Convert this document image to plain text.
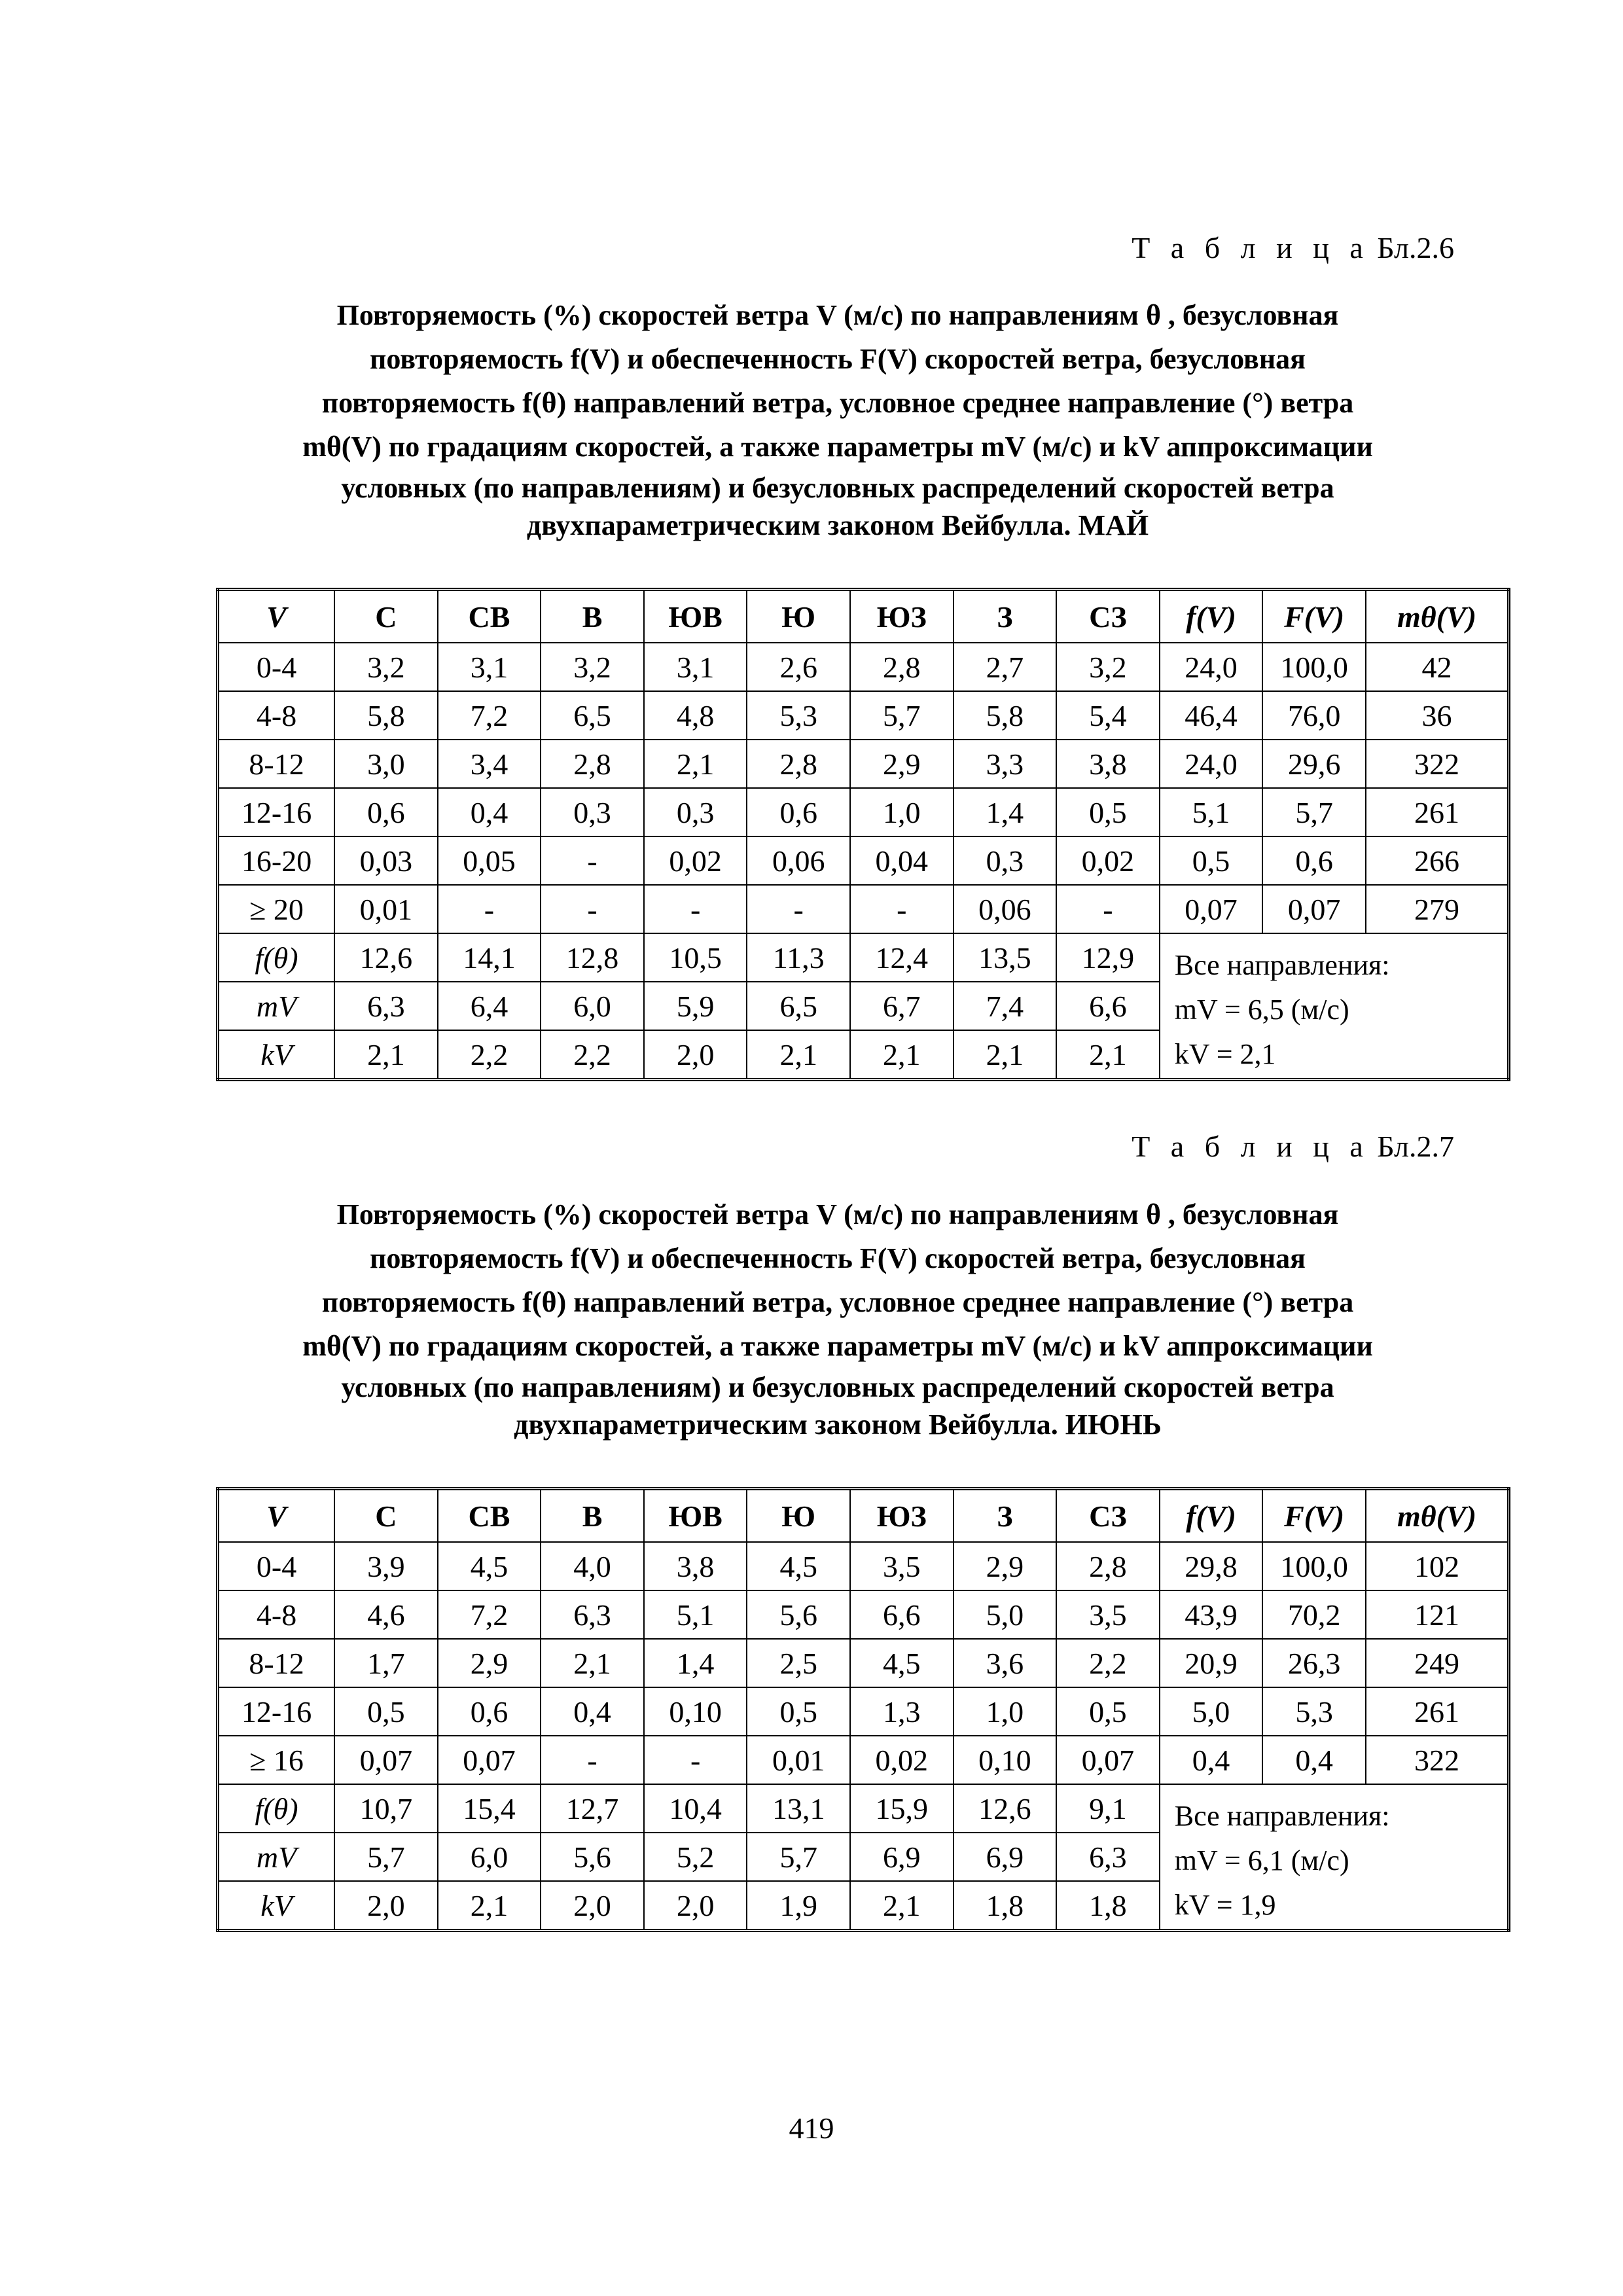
Т а б л и ц а Бл.2.6
Повторяемость (%) скоростей ветра V (м/с) по направлениям θ , безусловная
повторяемость f(V) и обеспеченность F(V) скоростей ветра, безусловная
повторяемость f(θ) направлений ветра, условное среднее направление (°) ветра
mθ(V) по градациям скоростей, а также параметры mV (м/с) и kV аппроксимации
условных (по направлениям) и безусловных распределений скоростей ветра
двухпараметрическим законом Вейбулла. МАЙ
V	С	СВ	В	ЮВ	Ю	ЮЗ	З	СЗ	f(V)	F(V)	mθ(V)
0-4	3,2	3,1	3,2	3,1	2,6	2,8	2,7	3,2	24,0	100,0	42
4-8	5,8	7,2	6,5	4,8	5,3	5,7	5,8	5,4	46,4	76,0	36
8-12	3,0	3,4	2,8	2,1	2,8	2,9	3,3	3,8	24,0	29,6	322
12-16	0,6	0,4	0,3	0,3	0,6	1,0	1,4	0,5	5,1	5,7	261
16-20	0,03	0,05	-	0,02	0,06	0,04	0,3	0,02	0,5	0,6	266
≥ 20	0,01	-	-	-	-	-	0,06	-	0,07	0,07	279
f(θ)	12,6	14,1	12,8	10,5	11,3	12,4	13,5	12,9	Все направления:
mV = 6,5 (м/с)
kV = 2,1		

mV	6,3	6,4	6,0	5,9	6,5	6,7	7,4	6,6			
kV	2,1	2,2	2,2	2,0	2,1	2,1	2,1	2,1			
Т а б л и ц а Бл.2.7
Повторяемость (%) скоростей ветра V (м/с) по направлениям θ , безусловная
повторяемость f(V) и обеспеченность F(V) скоростей ветра, безусловная
повторяемость f(θ) направлений ветра, условное среднее направление (°) ветра
mθ(V) по градациям скоростей, а также параметры mV (м/с) и kV аппроксимации
условных (по направлениям) и безусловных распределений скоростей ветра
двухпараметрическим законом Вейбулла. ИЮНЬ
V	С	СВ	В	ЮВ	Ю	ЮЗ	З	СЗ	f(V)	F(V)	mθ(V)
0-4	3,9	4,5	4,0	3,8	4,5	3,5	2,9	2,8	29,8	100,0	102
4-8	4,6	7,2	6,3	5,1	5,6	6,6	5,0	3,5	43,9	70,2	121
8-12	1,7	2,9	2,1	1,4	2,5	4,5	3,6	2,2	20,9	26,3	249
12-16	0,5	0,6	0,4	0,10	0,5	1,3	1,0	0,5	5,0	5,3	261
≥ 16	0,07	0,07	-	-	0,01	0,02	0,10	0,07	0,4	0,4	322
f(θ)	10,7	15,4	12,7	10,4	13,1	15,9	12,6	9,1	Все направления:
mV = 6,1 (м/с)
kV = 1,9		

mV	5,7	6,0	5,6	5,2	5,7	6,9	6,9	6,3			
kV	2,0	2,1	2,0	2,0	1,9	2,1	1,8	1,8			
419
